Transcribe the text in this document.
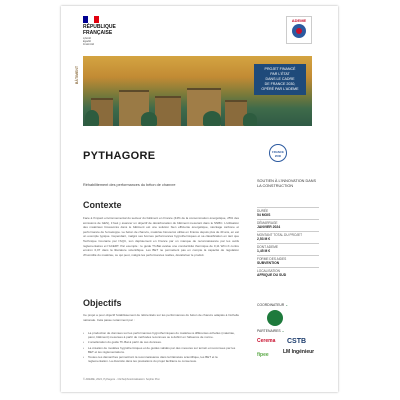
RÉPUBLIQUE
FRANÇAISE
Liberté
Égalité
Fraternité
ADEME
BÂTIMENT	PROJET FINANCÉ
PAR L'ÉTAT
DANS LE CADRE
DE FRANCE 2030,
OPÉRÉ PAR L'ADEME
PYTHAGORE	FRANCE 2030
Réhabilitement des performances du béton de chanvre
SOUTIEN À L'INNOVATION DANS LA CONSTRUCTION
Contexte
Face à l'impact environnemental du secteur du bâtiment en France (44% de la consommation énergétique, 25% des émissions de GES), il faut y avancer un objectif de décarbonation du bâtiment mesurant dans le SNBC. L'utilisation des matériaux biosourcés dans le bâtiment est une solution bien efficiente énergétique, stockage carbone et performance de l'enveloppe. Le béton de chanvre, matériau biosourcé utilisé en France depuis plus de 40 ans, en est un exemple typique. Cependant, malgré ses bonnes performances hygrothermiques et sa classification en tant que Technique Courante par l'AQC, son déploiement en France par un manque de reconnaissance par les outils réglementaires et l'ACERT. Par exemple : le guide Th-Bat évalue une conductivité thermique de 0,11 W/m.K contre environ 0,07 dans la littérature scientifique. Les BET ne permettent pas en compte la capacité de régulation d'humidité du matériau, ce qui peut, malgré les performances réelles, dévaloriser le produit.
Objectifs
Ce projet a pour objectif l'établissement de référentiels sur les performances du béton de chanvre adaptés à l'échelle nationale. Cela passe notamment par :
• La production de données sur les performances hygrothermiques du matériau à différentes échelles (matériau, paroi, bâtiment) mesurées à partir de méthodes reconnues ou à définir en l'absence de norme.
• L'amélioration du guide Th-Bat à partir de ces données.
• La création de modèles hygrothermiques et de guides validés par des mesures sur terrain et reconnues par les BET et les réglementations.
• Toutes ces démarches permettront la reconnaissance dans la littérature scientifique, les BET et la réglementation. La diversité dans les prestations du projet facilitera ce consensus.
DURÉE
54 MOIS
DÉMARRAGE
JANVIER 2024
MONTANT TOTAL DU PROJET
2,53 M €
DONT ADEME
1,45 M €
FORME DES AIDES
SUBVENTION
LOCALISATION
AFRIQUE DU SUD
COORDINATEUR ⌄
PARTENAIRES ⌄
Cerema CSTB
fipee	LM Ingénieur
© ADEME, 2024, Pythagore - Cliché/photo/réalisation: Sophie Prat
